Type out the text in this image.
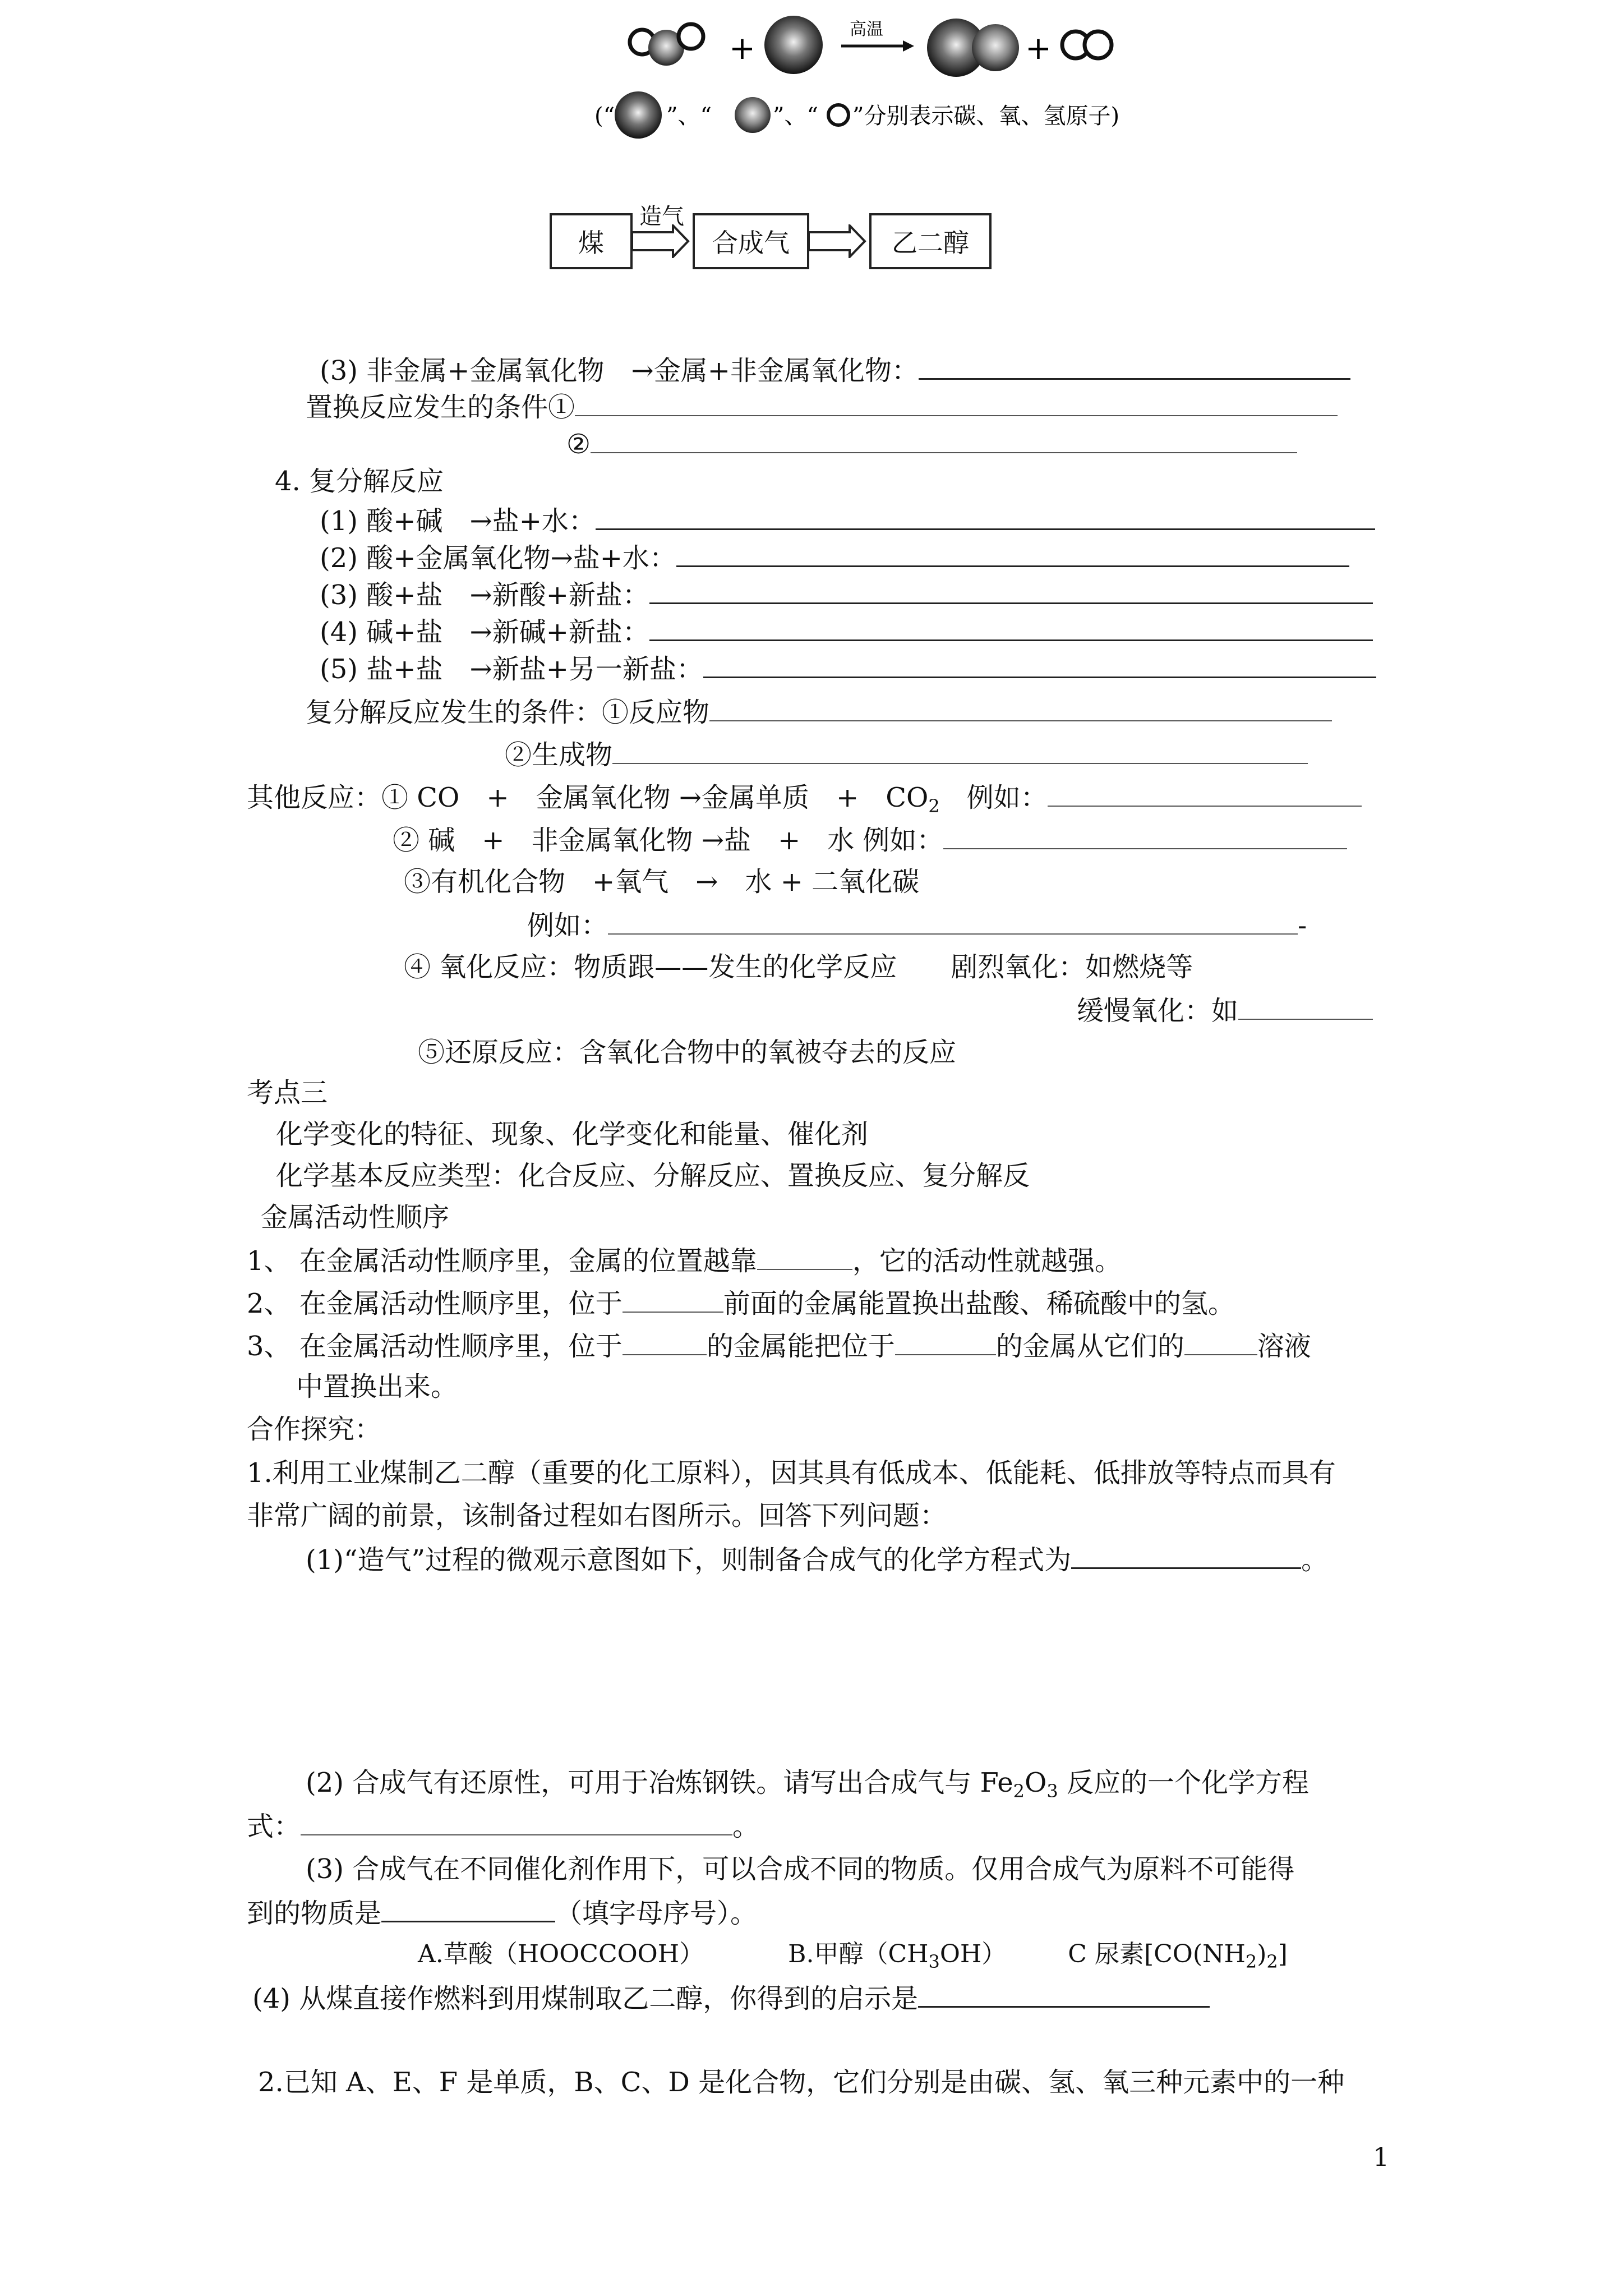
+
高温
+
(“ ”、“	”、“ ”分别表示碳、氧、氢原子)
煤
造气
合成气	乙二醇
(3) 非金属+金属氧化物　→金属+非金属氧化物：
置换反应发生的条件①
②
4. 复分解反应
(1) 酸+碱　→盐+水：
(2) 酸+金属氧化物→盐+水：
(3) 酸+盐　→新酸+新盐：
(4) 碱+盐　→新碱+新盐：
(5) 盐+盐　→新盐+另一新盐：
复分解反应发生的条件：①反应物
②生成物
其他反应：① CO　+　金属氧化物 →金属单质　+　$CO_2$　例如：
② 碱　+　非金属氧化物 →盐　+　水 例如：
③有机化合物　+氧气　→　水 + 二氧化碳
例如：	-
④ 氧化反应：物质跟——发生的化学反应　　剧烈氧化：如燃烧等
缓慢氧化：如
⑤还原反应：含氧化合物中的氧被夺去的反应
考点三
化学变化的特征、现象、化学变化和能量、催化剂
化学基本反应类型：化合反应、分解反应、置换反应、复分解反
金属活动性顺序
1、 在金属活动性顺序里，金属的位置越靠	，它的活动性就越强。
2、 在金属活动性顺序里，位于	前面的金属能置换出盐酸、稀硫酸中的氢。
3、 在金属活动性顺序里，位于	的金属能把位于	的金属从它们的	溶液
中置换出来。
合作探究：
1.利用工业煤制乙二醇（重要的化工原料），因其具有低成本、低能耗、低排放等特点而具有
非常广阔的前景，该制备过程如右图所示。回答下列问题：
(1)“造气”过程的微观示意图如下，则制备合成气的化学方程式为	。
(2) 合成气有还原性，可用于冶炼钢铁。请写出合成气与 $Fe_2O_3$ 反应的一个化学方程
式：	。
(3) 合成气在不同催化剂作用下，可以合成不同的物质。仅用合成气为原料不可能得
到的物质是	（填字母序号）。
A.草酸（HOOCCOOH）	B.甲醇$(CH_3OH)$	C 尿素$[CO(NH_2)_2]$
(4) 从煤直接作燃料到用煤制取乙二醇，你得到的启示是
2.已知 A、E、F 是单质，B、C、D 是化合物，它们分别是由碳、氢、氧三种元素中的一种
1
